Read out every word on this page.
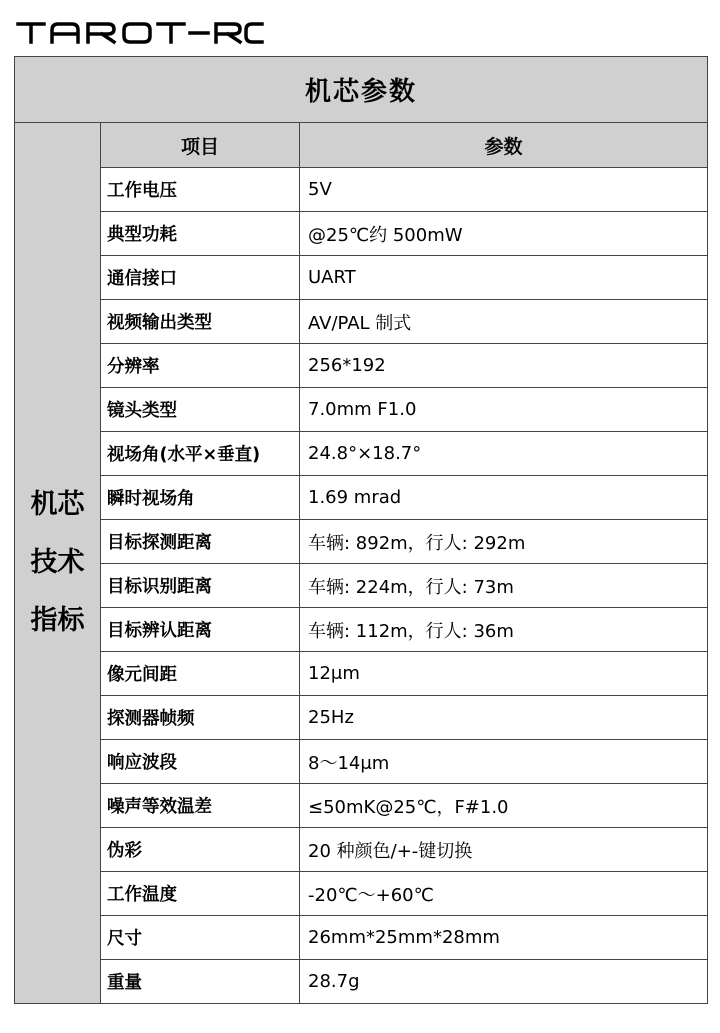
机芯参数		

机芯
技术
指标	项目	参数
	工作电压	5V
	典型功耗	@25℃约 500mW
	通信接口	UART
	视频输出类型	AV/PAL 制式
	分辨率	256*192
	镜头类型	7.0mm F1.0
	视场角(水平×垂直)	24.8°×18.7°
	瞬时视场角	1.69 mrad
	目标探测距离	车辆: 892m，行人: 292m
	目标识别距离	车辆: 224m，行人: 73m
	目标辨认距离	车辆: 112m，行人: 36m
	像元间距	12μm
	探测器帧频	25Hz
	响应波段	8～14μm
	噪声等效温差	≤50mK@25℃，F#1.0
	伪彩	20 种颜色/+-键切换
	工作温度	-20℃～+60℃
	尺寸	26mm*25mm*28mm
	重量	28.7g
